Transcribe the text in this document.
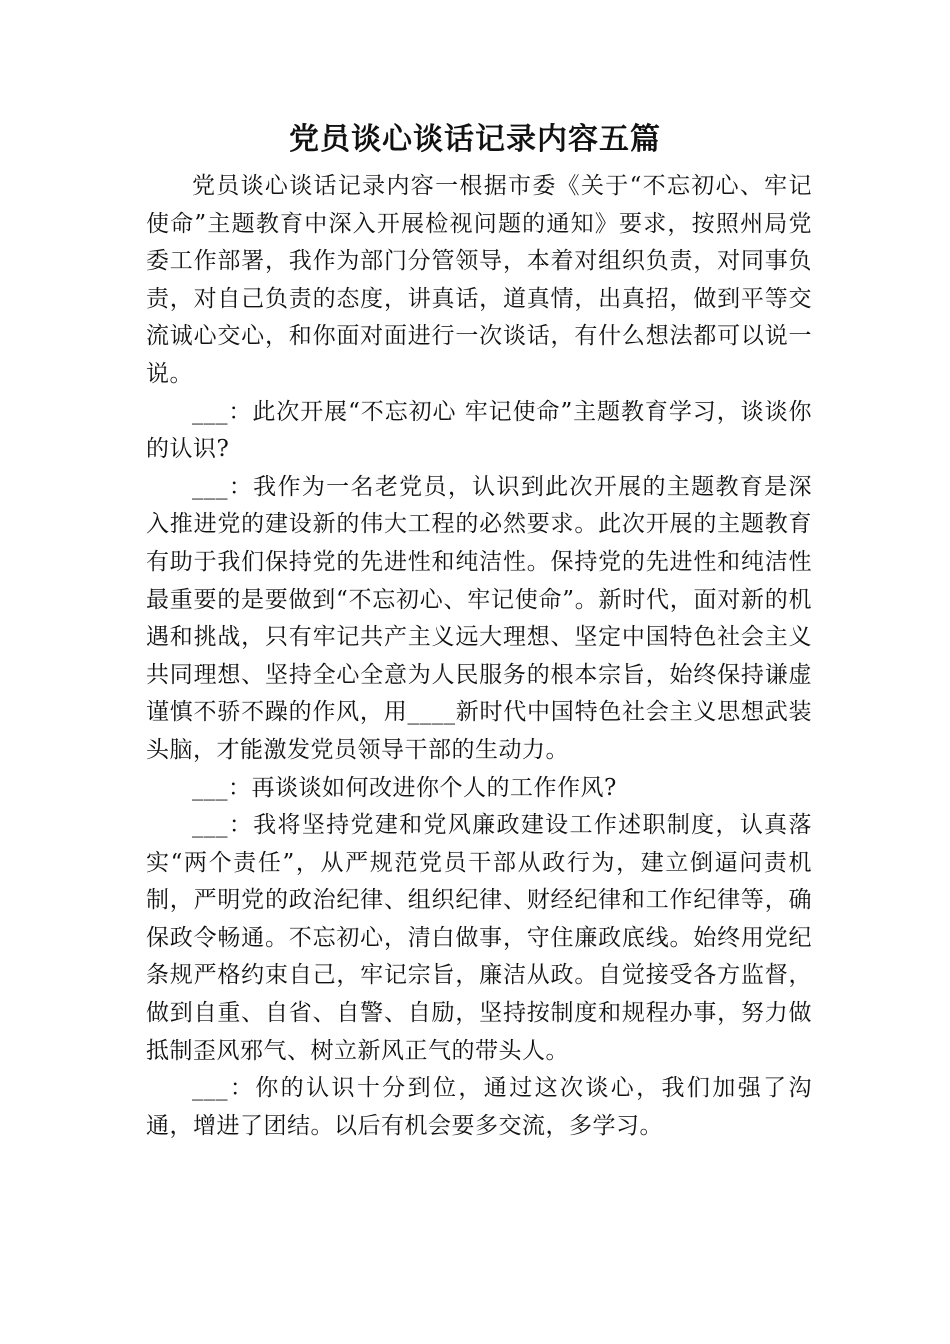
党员谈心谈话记录内容五篇

党员谈心谈话记录内容一根据市委《关于“不忘初心、牢记使命”主题教育中深入开展检视问题的通知》要求，按照州局党委工作部署，我作为部门分管领导，本着对组织负责，对同事负责，对自己负责的态度，讲真话，道真情，出真招，做到平等交流诚心交心，和你面对面进行一次谈话，有什么想法都可以说一说。

___：此次开展“不忘初心 牢记使命”主题教育学习，谈谈你的认识?

___：我作为一名老党员，认识到此次开展的主题教育是深入推进党的建设新的伟大工程的必然要求。此次开展的主题教育有助于我们保持党的先进性和纯洁性。保持党的先进性和纯洁性最重要的是要做到“不忘初心、牢记使命”。新时代，面对新的机遇和挑战，只有牢记共产主义远大理想、坚定中国特色社会主义共同理想、坚持全心全意为人民服务的根本宗旨，始终保持谦虚谨慎不骄不躁的作风，用____新时代中国特色社会主义思想武装头脑，才能激发党员领导干部的生动力。

___：再谈谈如何改进你个人的工作作风?

___：我将坚持党建和党风廉政建设工作述职制度，认真落实“两个责任”，从严规范党员干部从政行为，建立倒逼问责机制，严明党的政治纪律、组织纪律、财经纪律和工作纪律等，确保政令畅通。不忘初心，清白做事，守住廉政底线。始终用党纪条规严格约束自己，牢记宗旨，廉洁从政。自觉接受各方监督，做到自重、自省、自警、自励，坚持按制度和规程办事，努力做抵制歪风邪气、树立新风正气的带头人。

___：你的认识十分到位，通过这次谈心，我们加强了沟通，增进了团结。以后有机会要多交流，多学习。
